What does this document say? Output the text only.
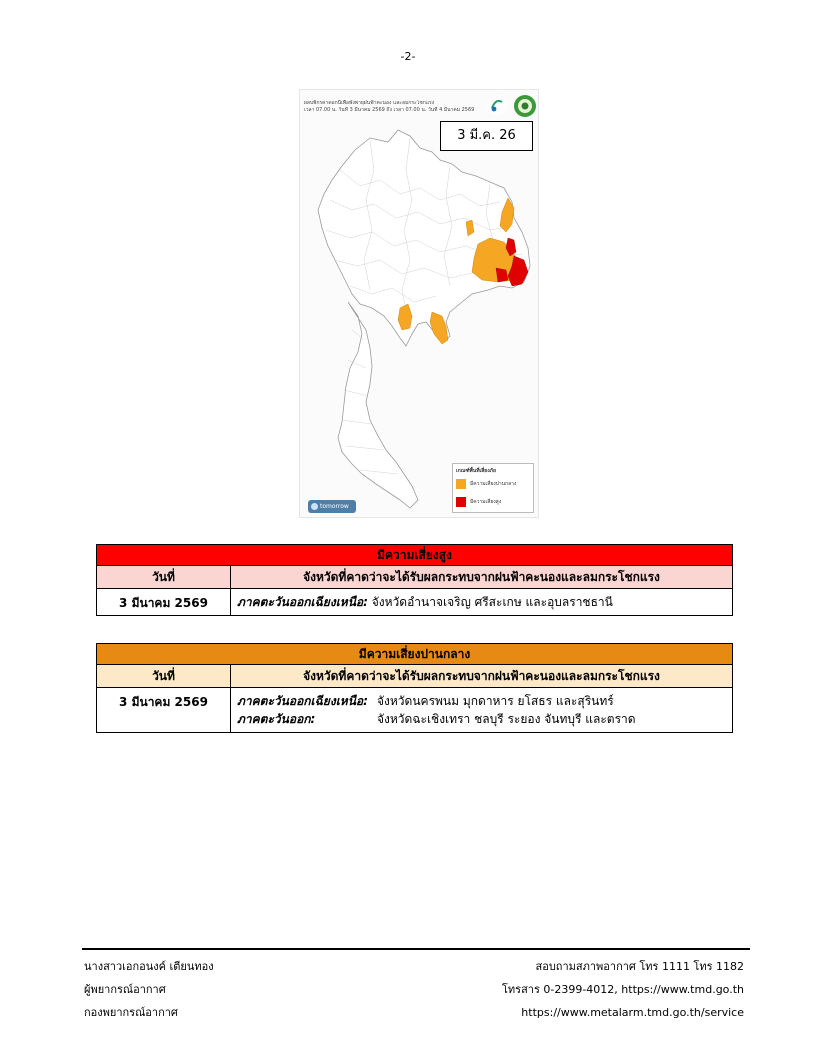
-2-
ผลบพิกรคาดอกนี้เพื่อพังพายุฝนฟ้าคะนอง และลมกระโชกแรง
เวลา 07.00 น. วันที่ 3 มีนาคม 2569 ถึง เวลา 07.00 น. วันที่ 4 มีนาคม 2569
3 มี.ค. 26
เกณฑ์พื้นที่เสี่ยงภัย
มีความเสี่ยงปานกลาง
มีความเสี่ยงสูง
tomorrow
มีความเสี่ยงสูง	
วันที่	จังหวัดที่คาดว่าจะได้รับผลกระทบจากฝนฟ้าคะนองและลมกระโชกแรง
3 มีนาคม 2569	ภาคตะวันออกเฉียงเหนือ: จังหวัดอำนาจเจริญ ศรีสะเกษ และอุบลราชธานี
มีความเสี่ยงปานกลาง	
วันที่	จังหวัดที่คาดว่าจะได้รับผลกระทบจากฝนฟ้าคะนองและลมกระโชกแรง
3 มีนาคม 2569	ภาคตะวันออกเฉียงเหนือ: จังหวัดนครพนม มุกดาหาร ยโสธร และสุรินทร์
ภาคตะวันออก: จังหวัดฉะเชิงเทรา ชลบุรี ระยอง จันทบุรี และตราด
นางสาวเอกอนงค์ เตียนทอง
ผู้พยากรณ์อากาศ
กองพยากรณ์อากาศ
สอบถามสภาพอากาศ โทร 1111 โทร 1182
โทรสาร 0-2399-4012, https://www.tmd.go.th
https://www.metalarm.tmd.go.th/service
